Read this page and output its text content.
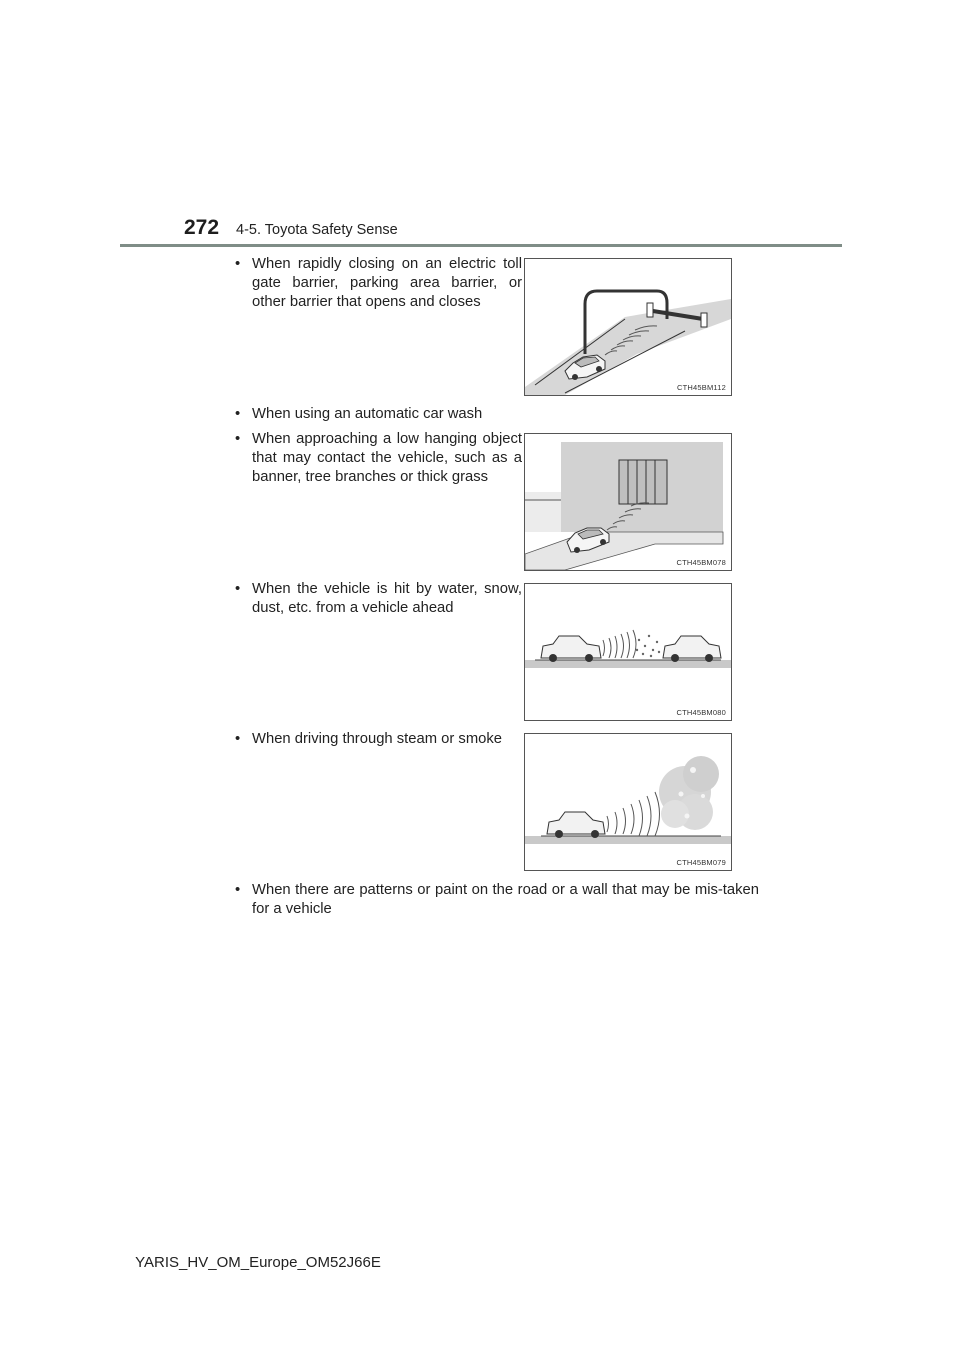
272 4-5. Toyota Safety Sense
• When rapidly closing on an electric toll gate barrier, parking area barrier, or other barrier that opens and closes
CTH45BM112
• When using an automatic car wash
• When approaching a low hanging object that may contact the vehicle, such as a banner, tree branches or thick grass
CTH45BM078
• When the vehicle is hit by water, snow, dust, etc. from a vehicle ahead
CTH45BM080
• When driving through steam or smoke
CTH45BM079
• When there are patterns or paint on the road or a wall that may be mis-taken for a vehicle
YARIS_HV_OM_Europe_OM52J66E
